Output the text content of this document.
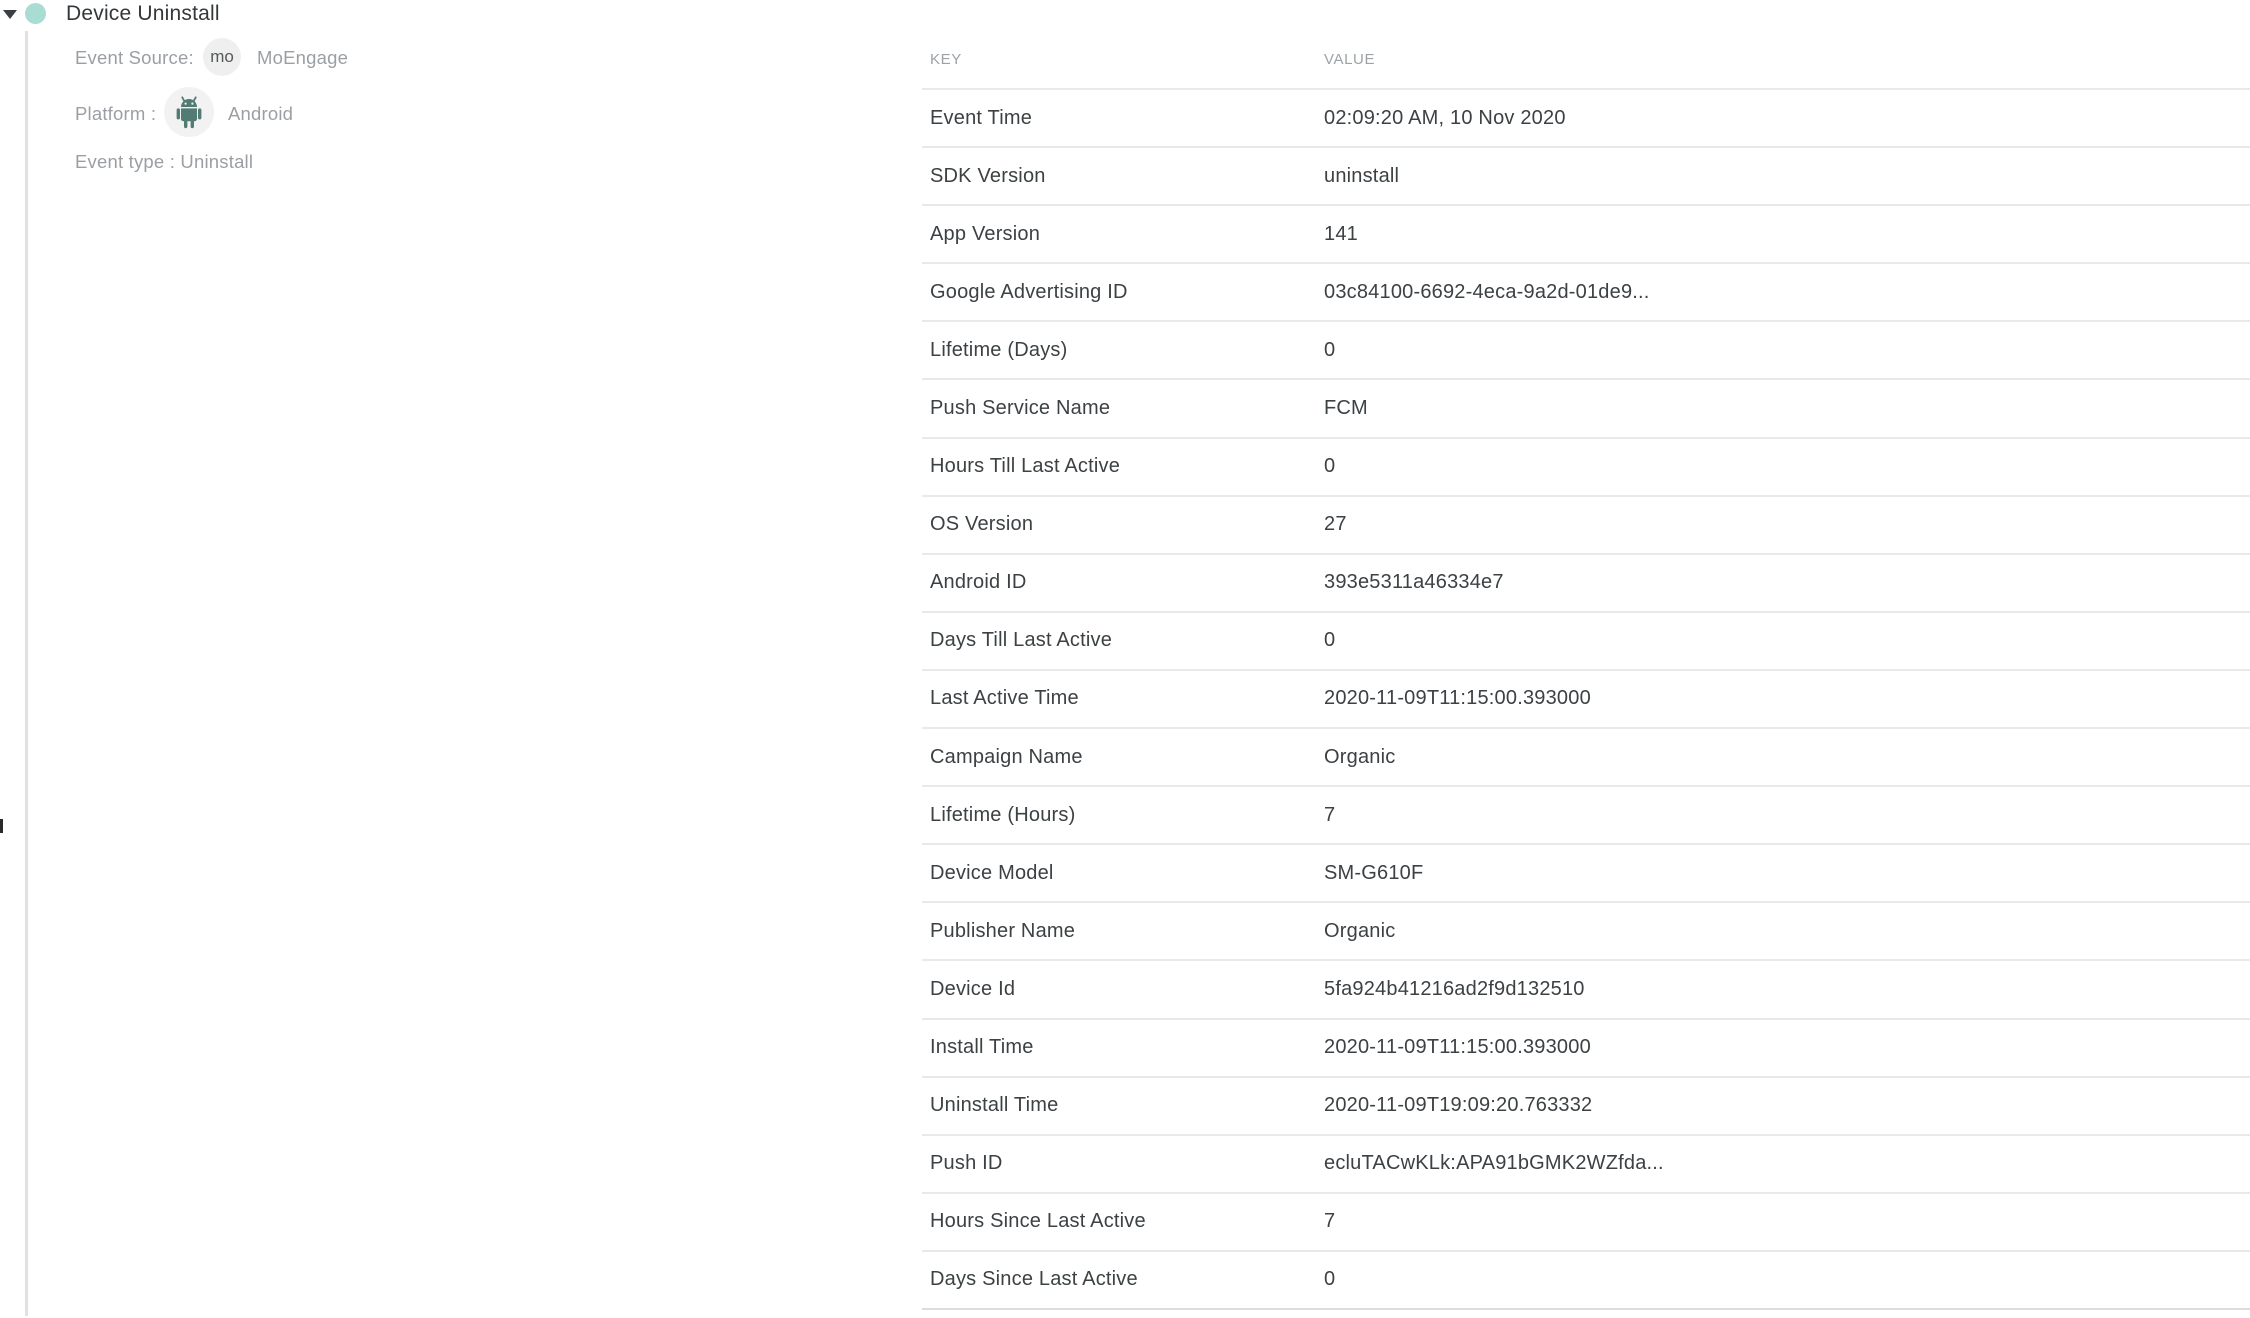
Device Uninstall
Event Source: mo MoEngage
Platform :	Android
Event type : Uninstall
KEY	VALUE
Event Time	02:09:20 AM, 10 Nov 2020
SDK Version	uninstall
App Version	141
Google Advertising ID	03c84100-6692-4eca-9a2d-01de9...
Lifetime (Days)	0
Push Service Name	FCM
Hours Till Last Active	0
OS Version	27
Android ID	393e5311a46334e7
Days Till Last Active	0
Last Active Time	2020-11-09T11:15:00.393000
Campaign Name	Organic
Lifetime (Hours)	7
Device Model	SM-G610F
Publisher Name	Organic
Device Id	5fa924b41216ad2f9d132510
Install Time	2020-11-09T11:15:00.393000
Uninstall Time	2020-11-09T19:09:20.763332
Push ID	ecluTACwKLk:APA91bGMK2WZfda...
Hours Since Last Active	7
Days Since Last Active	0
